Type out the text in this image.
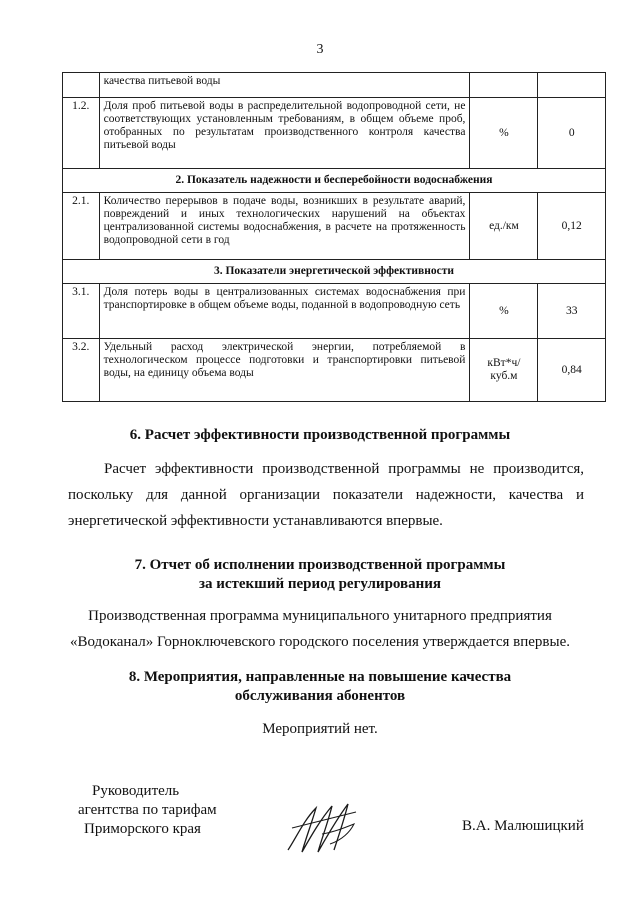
3
	качества питьевой воды		
1.2.	Доля проб питьевой воды в распределительной водопроводной сети, не соответствующих установленным требованиям, в общем объеме проб, отобранных по результатам производственного контроля качества питьевой воды	%	0
2. Показатель надежности и бесперебойности водоснабжения			
2.1.	Количество перерывов в подаче воды, возникших в результате аварий, повреждений и иных технологических нарушений на объектах централизованной системы водоснабжения, в расчете на протяженность водопроводной сети в год	ед./км	0,12
3. Показатели энергетической эффективности			
3.1.	Доля потерь воды в централизованных системах водоснабжения при транспортировке в общем объеме воды, поданной в водопроводную сеть	%	33
3.2.	Удельный расход электрической энергии, потребляемой в технологическом процессе подготовки и транспортировки питьевой воды, на единицу объема воды	кВт*ч/ куб.м	0,84
6. Расчет эффективности производственной программы

Расчет эффективности производственной программы не производится, поскольку для данной организации показатели надежности, качества и энергетической эффективности устанавливаются впервые.

7. Отчет об исполнении производственной программы
за истекший период регулирования

Производственная программа муниципального унитарного предприятия

«Водоканал» Горноключевского городского поселения утверждается впервые.

8. Мероприятия, направленные на повышение качества
обслуживания абонентов

Мероприятий нет.

Руководитель
агентства по тарифам
Приморского края	В.А. Малюшицкий
